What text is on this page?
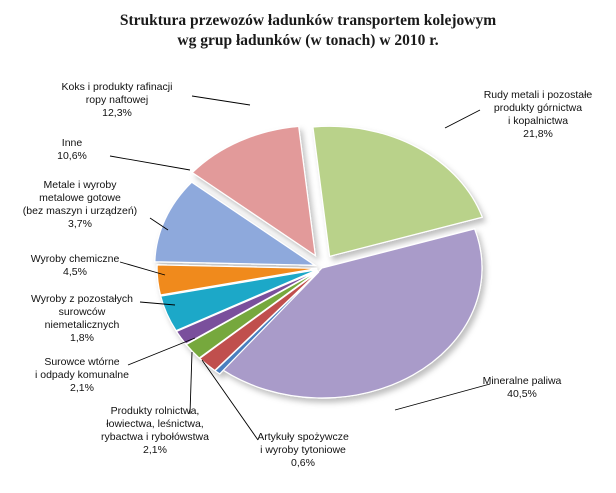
Struktura przewozów ładunków transportem kolejowym
wg grup ładunków (w tonach) w 2010 r.
Rudy metali i pozostałe produkty górnictwa i kopalnictwa 21,8%
Mineralne paliwa 40,5%
Artykuły spożywcze i wyroby tytoniowe 0,6%
Produkty rolnictwa, łowiectwa, leśnictwa, rybactwa i rybołówstwa 2,1%
Surowce wtórne i odpady komunalne 2,1%
Wyroby z pozostałych surowców niemetalicznych 1,8%
Wyroby chemiczne 4,5%
Metale i wyroby metalowe gotowe (bez maszyn i urządzeń) 3,7%
Inne 10,6%
Koks i produkty rafinacji ropy naftowej 12,3%
